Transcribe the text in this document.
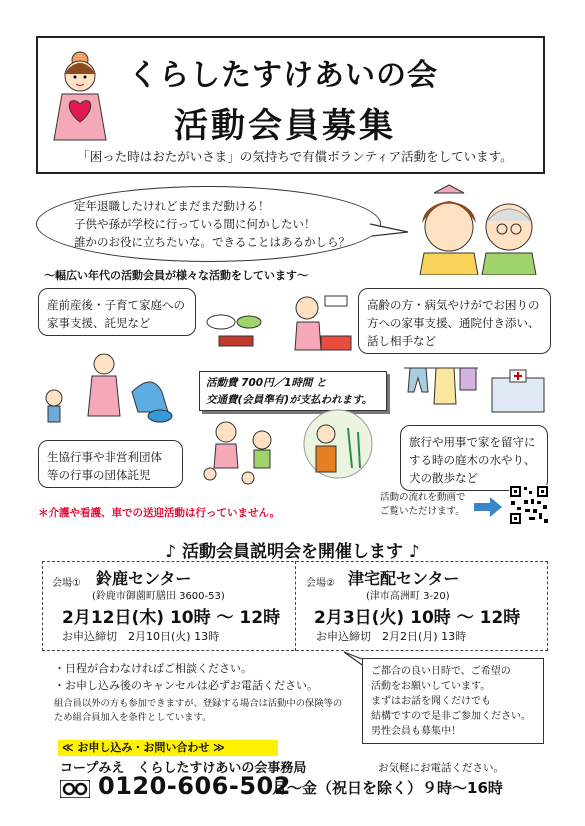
くらしたすけあいの会
活動会員募集
「困った時はおたがいさま」の気持ちで有償ボランティア活動をしています。
定年退職したけれどまだまだ動ける！
子供や孫が学校に行っている間に何かしたい！
誰かのお役に立ちたいな。できることはあるかしら？
～幅広い年代の活動会員が様々な活動をしています～
産前産後・子育て家庭への
家事支援、託児など
高齢の方・病気やけがでお困りの
方への家事支援、通院付き添い、
話し相手など
生協行事や非営利団体
等の行事の団体託児
旅行や用事で家を留守に
する時の庭木の水やり、
犬の散歩など
活動費 700円／1時間 と
交通費(会員準有)が支払われます。
＊介護や看護、車での送迎活動は行っていません。
活動の流れを動画で
ご覧いただけます。
♪ 活動会員説明会を開催します ♪
会場① 鈴鹿センター
(鈴鹿市御薗町膳田 3600-53)
2月12日(木) 10時 ～ 12時
お申込締切　2月10日(火) 13時
会場② 津宅配センター
(津市高洲町 3-20)
2月3日(火) 10時 ～ 12時
お申込締切　2月2日(月) 13時
・日程が合わなければご相談ください。
・お申し込み後のキャンセルは必ずお電話ください。
組合員以外の方も参加できますが、登録する場合は活動中の保険等の
ため組合員加入を条件としています。
ご都合の良い日時で、ご希望の
活動をお願いしています。
まずはお話を聞くだけでも
結構ですので是非ご参加ください。
男性会員も募集中！
≪ お申し込み・お問い合わせ ≫
コープみえ　くらしたすけあいの会事務局	お気軽にお電話ください。
0120-606-502
月～金（祝日を除く）９時～16時
